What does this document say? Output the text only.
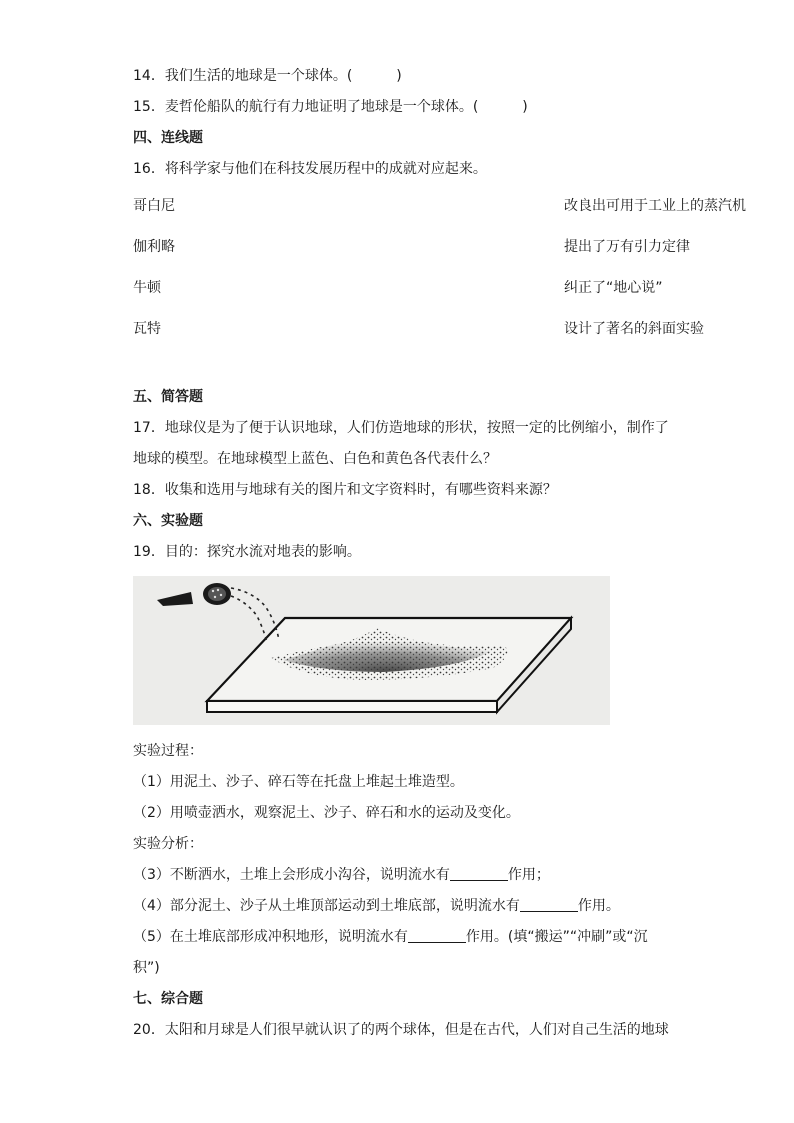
14．我们生活的地球是一个球体。(	)
15．麦哲伦船队的航行有力地证明了地球是一个球体。(	)
四、连线题
16．将科学家与他们在科技发展历程中的成就对应起来。
哥白尼	改良出可用于工业上的蒸汽机
伽利略	提出了万有引力定律
牛顿	纠正了“地心说”
瓦特	设计了著名的斜面实验
五、简答题
17．地球仪是为了便于认识地球，人们仿造地球的形状，按照一定的比例缩小，制作了
地球的模型。在地球模型上蓝色、白色和黄色各代表什么？
18．收集和选用与地球有关的图片和文字资料时，有哪些资料来源？
六、实验题
19．目的：探究水流对地表的影响。
实验过程：
（1）用泥土、沙子、碎石等在托盘上堆起土堆造型。
（2）用喷壶洒水，观察泥土、沙子、碎石和水的运动及变化。
实验分析：
（3）不断洒水，土堆上会形成小沟谷，说明流水有	作用；
（4）部分泥土、沙子从土堆顶部运动到土堆底部，说明流水有	作用。
（5）在土堆底部形成冲积地形，说明流水有	作用。(填“搬运”“冲刷”或“沉
积”)
七、综合题
20．太阳和月球是人们很早就认识了的两个球体，但是在古代，人们对自己生活的地球
